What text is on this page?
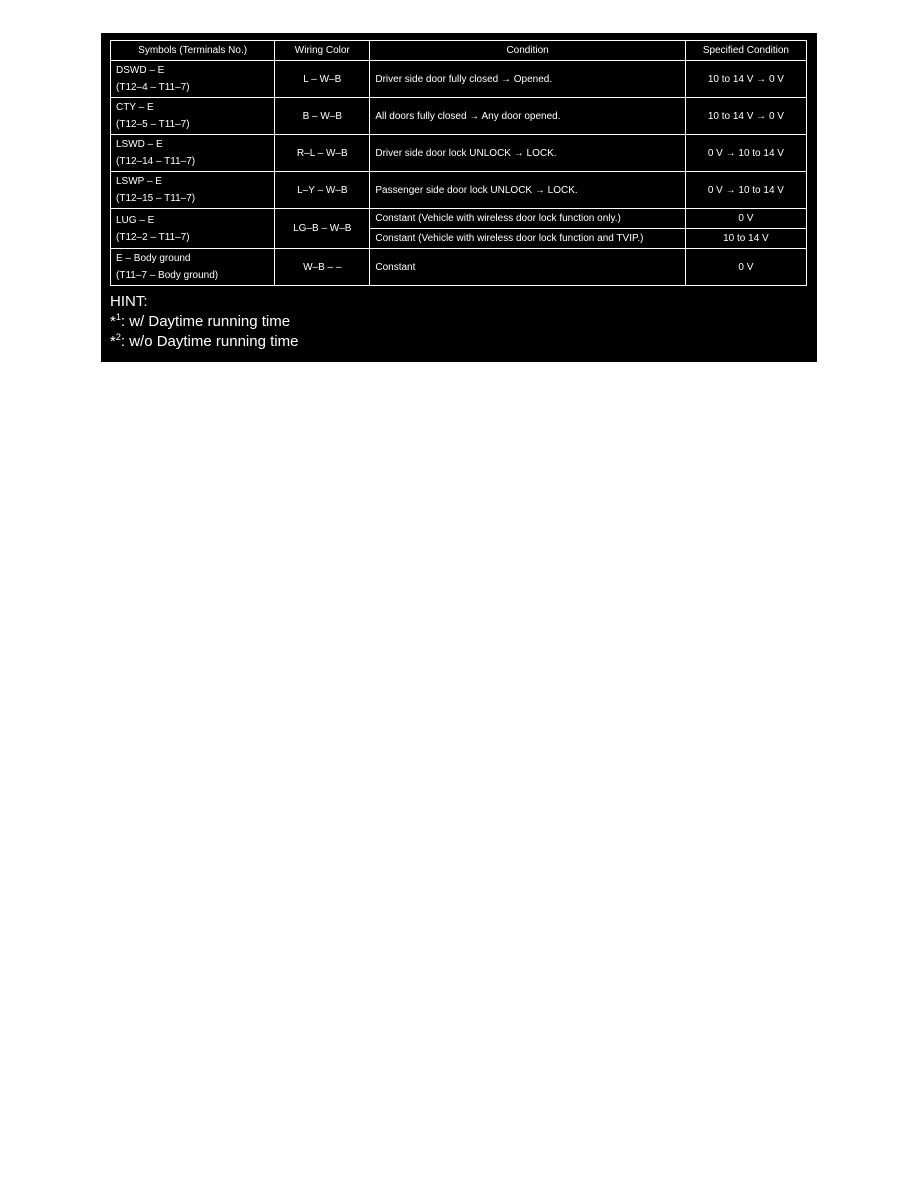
Symbols (Terminals No.)	Wiring Color	Condition	Specified Condition

DSWD – E
(T12–4 – T11–7)	L – W–B	Driver side door fully closed → Opened.	10 to 14 V → 0 V

CTY – E
(T12–5 – T11–7)	B – W–B	All doors fully closed → Any door opened.	10 to 14 V → 0 V

LSWD – E
(T12–14 – T11–7)	R–L – W–B	Driver side door lock UNLOCK → LOCK.	0 V → 10 to 14 V

LSWP – E
(T12–15 – T11–7)	L–Y – W–B	Passenger side door lock UNLOCK → LOCK.	0 V → 10 to 14 V

LUG – E
(T12–2 – T11–7)	LG–B – W–B	Constant (Vehicle with wireless door lock function only.)	0 V
		Constant (Vehicle with wireless door lock function and TVIP.)	10 to 14 V

E – Body ground
(T11–7 – Body ground)	W–B – –	Constant	0 V
HINT:
*$^1$: w/ Daytime running time
*$^2$: w/o Daytime running time
